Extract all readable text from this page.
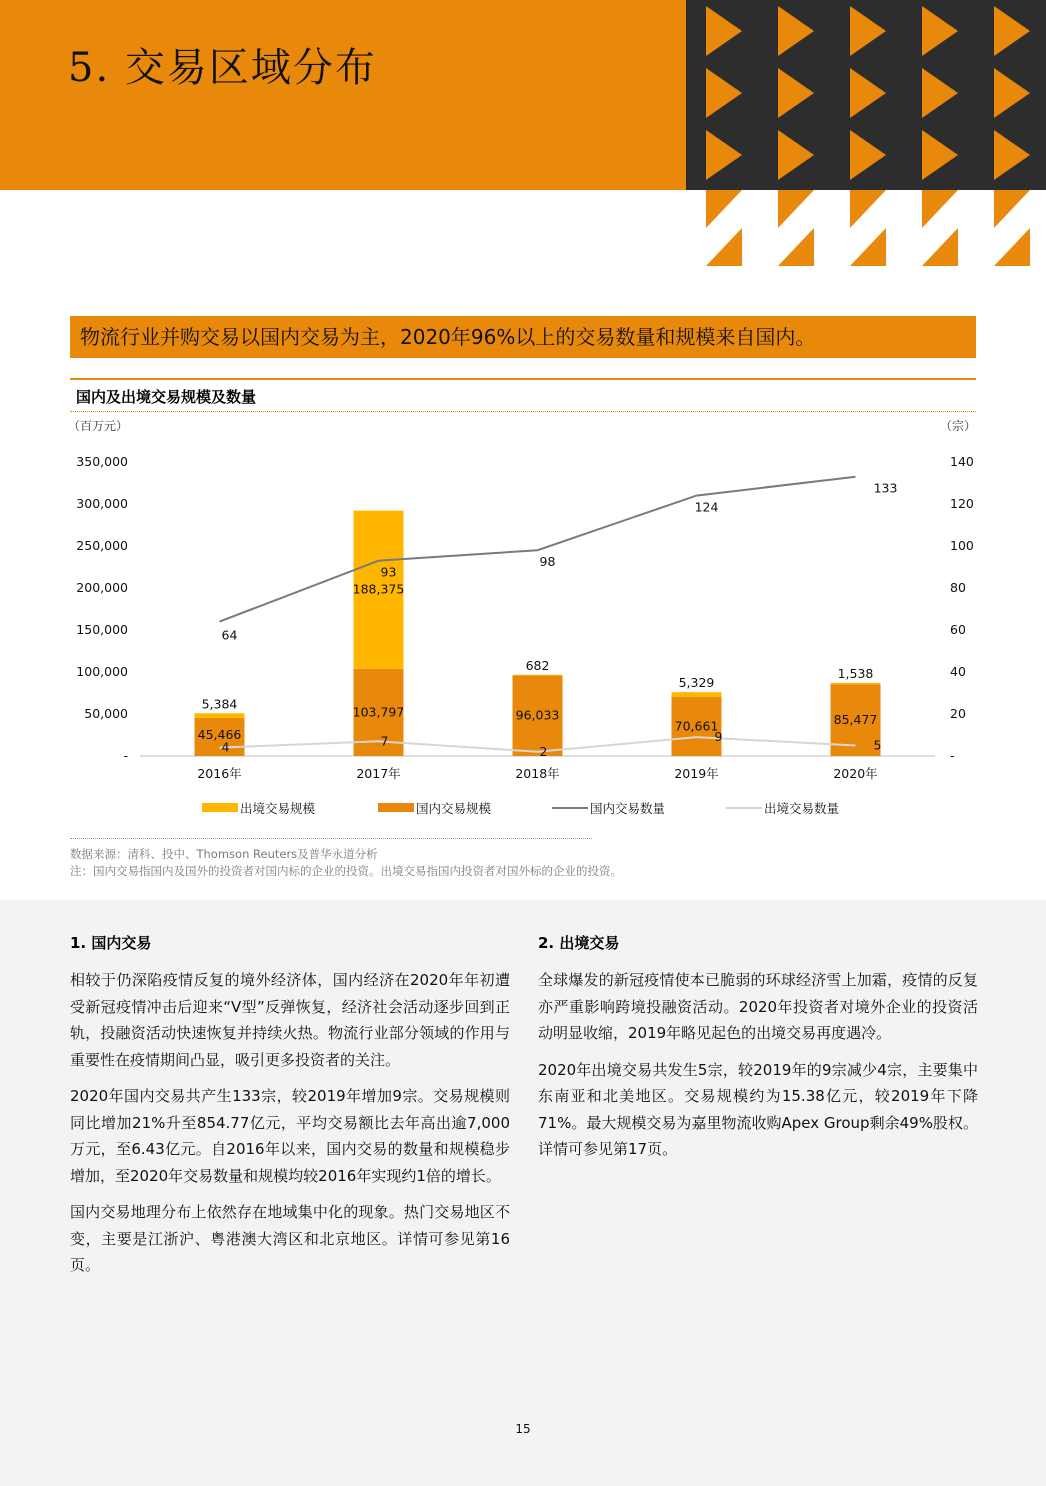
5. 交易区域分布
物流行业并购交易以国内交易为主，2020年96%以上的交易数量和规模来自国内。
国内及出境交易规模及数量
（百万元）	（宗）
-
50,000
100,000
150,000
200,000
250,000
300,000
350,000
-
20
40
60
80
100
120
140
2016年	2017年	2018年	2019年	2020年
5,384
45,466
64
4
188,375
103,797
93
7
682
96,033
98
2
5,329
70,661
124
9
1,538
85,477
133
5
出境交易规模	国内交易规模	国内交易数量	出境交易数量
数据来源：清科、投中、Thomson Reuters及普华永道分析
注：国内交易指国内及国外的投资者对国内标的企业的投资。出境交易指国内投资者对国外标的企业的投资。
1. 国内交易

相较于仍深陷疫情反复的境外经济体，国内经济在2020年年初遭受新冠疫情冲击后迎来“V型”反弹恢复，经济社会活动逐步回到正轨，投融资活动快速恢复并持续火热。物流行业部分领域的作用与重要性在疫情期间凸显，吸引更多投资者的关注。

2020年国内交易共产生133宗，较2019年增加9宗。交易规模则同比增加21%升至854.77亿元，平均交易额比去年高出逾7,000万元，至6.43亿元。自2016年以来，国内交易的数量和规模稳步增加，至2020年交易数量和规模均较2016年实现约1倍的增长。

国内交易地理分布上依然存在地域集中化的现象。热门交易地区不变，主要是江浙沪、粤港澳大湾区和北京地区。详情可参见第16页。

2. 出境交易

全球爆发的新冠疫情使本已脆弱的环球经济雪上加霜，疫情的反复亦严重影响跨境投融资活动。2020年投资者对境外企业的投资活动明显收缩，2019年略见起色的出境交易再度遇冷。

2020年出境交易共发生5宗，较2019年的9宗减少4宗，主要集中东南亚和北美地区。交易规模约为15.38亿元，较2019年下降71%。最大规模交易为嘉里物流收购Apex Group剩余49%股权。详情可参见第17页。

15
